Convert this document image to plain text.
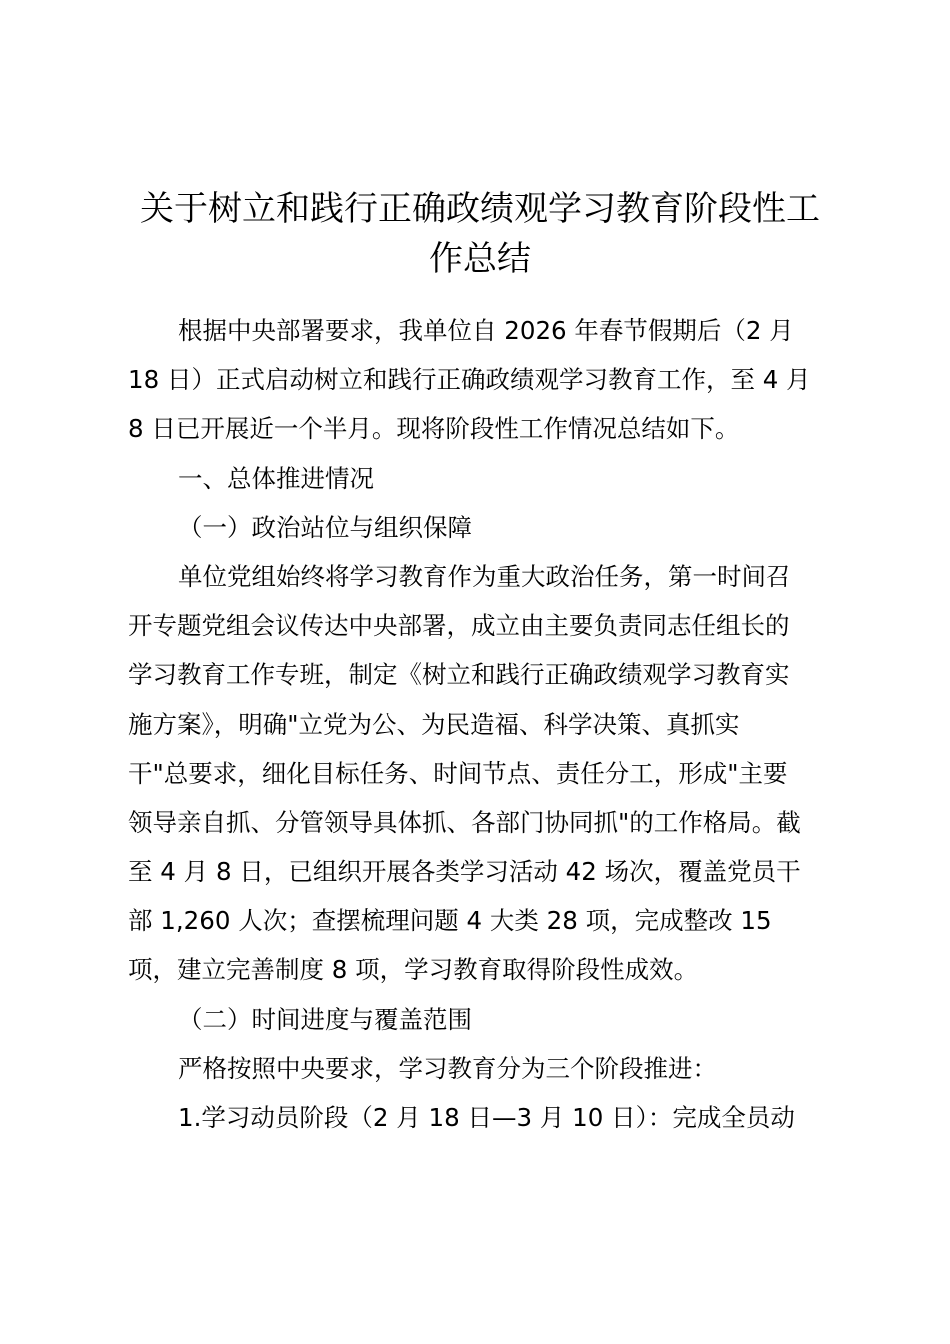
关于树立和践行正确政绩观学习教育阶段性工
作总结
根据中央部署要求，我单位自 2026 年春节假期后（2 月
18 日）正式启动树立和践行正确政绩观学习教育工作，至 4 月
8 日已开展近一个半月。现将阶段性工作情况总结如下。
一、总体推进情况
（一）政治站位与组织保障
单位党组始终将学习教育作为重大政治任务，第一时间召
开专题党组会议传达中央部署，成立由主要负责同志任组长的
学习教育工作专班，制定《树立和践行正确政绩观学习教育实
施方案》，明确"立党为公、为民造福、科学决策、真抓实
干"总要求，细化目标任务、时间节点、责任分工，形成"主要
领导亲自抓、分管领导具体抓、各部门协同抓"的工作格局。截
至 4 月 8 日，已组织开展各类学习活动 42 场次，覆盖党员干
部 1,260 人次；查摆梳理问题 4 大类 28 项，完成整改 15
项，建立完善制度 8 项，学习教育取得阶段性成效。
（二）时间进度与覆盖范围
严格按照中央要求，学习教育分为三个阶段推进：
1.学习动员阶段（2 月 18 日—3 月 10 日）：完成全员动
